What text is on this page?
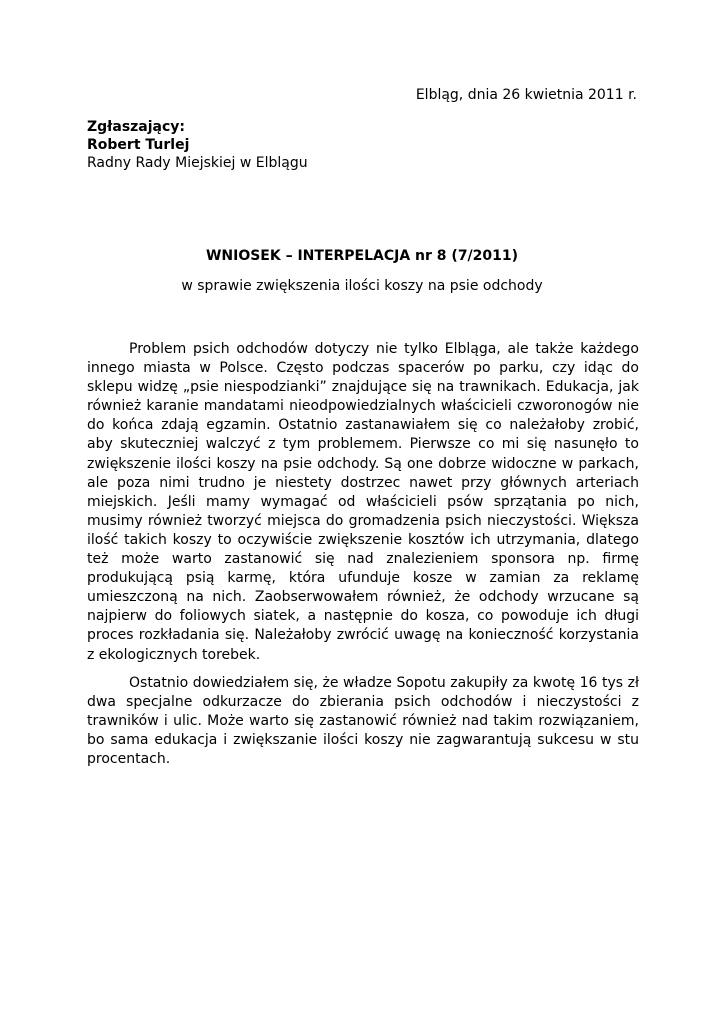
Elbląg, dnia 26 kwietnia 2011 r.
Zgłaszający:
Robert Turlej
Radny Rady Miejskiej w Elblągu
WNIOSEK – INTERPELACJA nr 8 (7/2011)
w sprawie zwiększenia ilości koszy na psie odchody

Problem psich odchodów dotyczy nie tylko Elbląga, ale także każdego innego miasta w Polsce. Często podczas spacerów po parku, czy idąc do sklepu widzę „psie niespodzianki” znajdujące się na trawnikach. Edukacja, jak również karanie mandatami nieodpowiedzialnych właścicieli czworonogów nie do końca zdają egzamin. Ostatnio zastanawiałem się co należałoby zrobić, aby skuteczniej walczyć z tym problemem. Pierwsze co mi się nasunęło to zwiększenie ilości koszy na psie odchody. Są one dobrze widoczne w parkach, ale poza nimi trudno je niestety dostrzec nawet przy głównych arteriach miejskich. Jeśli mamy wymagać od właścicieli psów sprzątania po nich, musimy również tworzyć miejsca do gromadzenia psich nieczystości. Większa ilość takich koszy to oczywiście zwiększenie kosztów ich utrzymania, dlatego też może warto zastanowić się nad znalezieniem sponsora np. firmę produkującą psią karmę, która ufunduje kosze w zamian za reklamę umieszczoną na nich. Zaobserwowałem również, że odchody wrzucane są najpierw do foliowych siatek, a następnie do kosza, co powoduje ich długi proces rozkładania się. Należałoby zwrócić uwagę na konieczność korzystania z ekologicznych torebek.

Ostatnio dowiedziałem się, że władze Sopotu zakupiły za kwotę 16 tys zł dwa specjalne odkurzacze do zbierania psich odchodów i nieczystości z trawników i ulic. Może warto się zastanowić również nad takim rozwiązaniem, bo sama edukacja i zwiększanie ilości koszy nie zagwarantują sukcesu w stu procentach.
